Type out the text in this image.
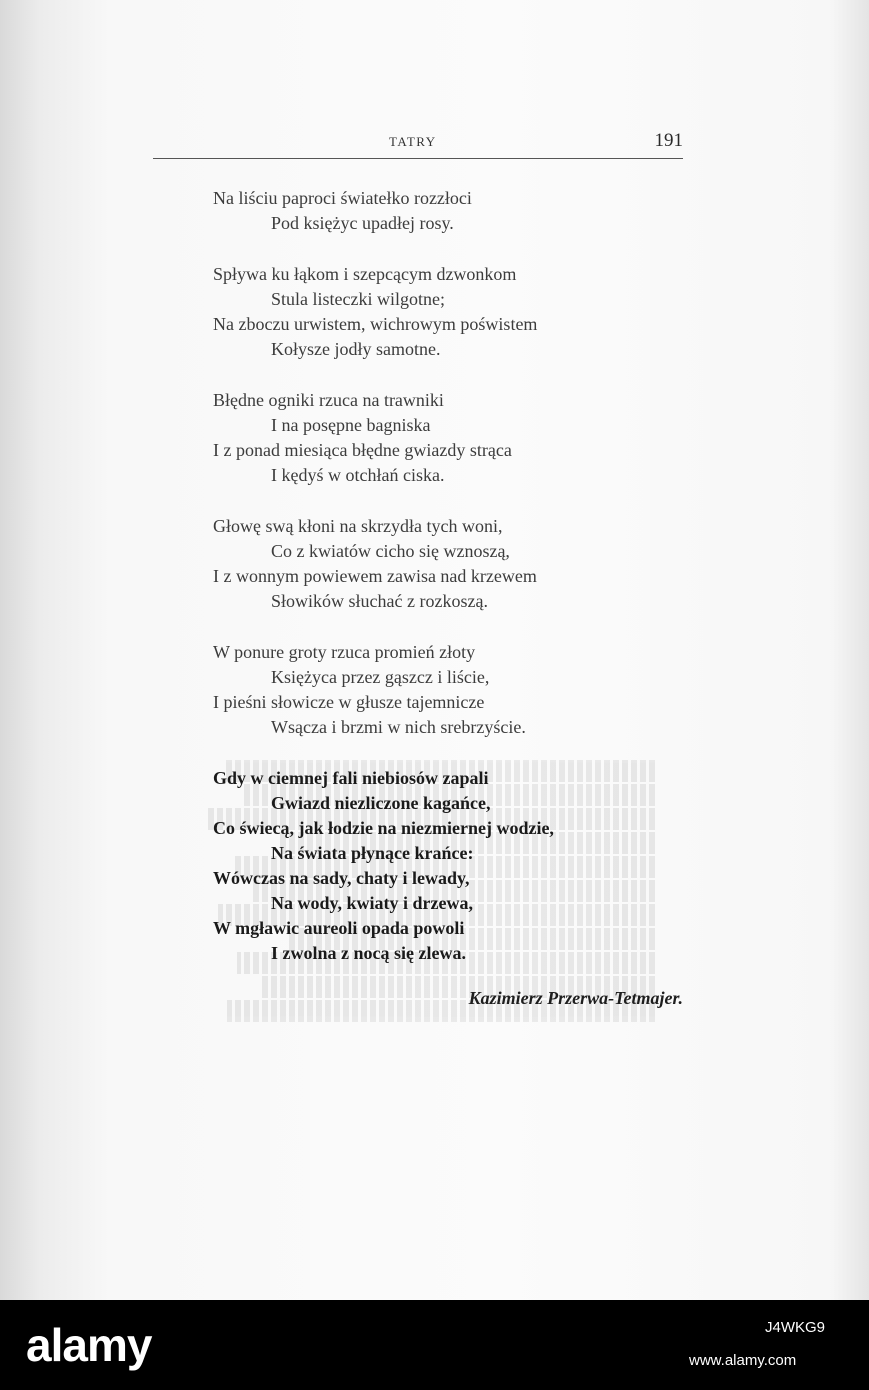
TATRY	191
Na liściu paproci światełko rozzłoci
Pod księżyc upadłej rosy.
Spływa ku łąkom i szepcącym dzwonkom
Stula listeczki wilgotne;
Na zboczu urwistem, wichrowym poświstem
Kołysze jodły samotne.
Błędne ogniki rzuca na trawniki
I na posępne bagniska
I z ponad miesiąca błędne gwiazdy strąca
I kędyś w otchłań ciska.
Głowę swą kłoni na skrzydła tych woni,
Co z kwiatów cicho się wznoszą,
I z wonnym powiewem zawisa nad krzewem
Słowików słuchać z rozkoszą.
W ponure groty rzuca promień złoty
Księżyca przez gąszcz i liście,
I pieśni słowicze w głusze tajemnicze
Wsącza i brzmi w nich srebrzyście.
Gdy w ciemnej fali niebiosów zapali
Gwiazd niezliczone kagańce,
Co świecą, jak łodzie na niezmiernej wodzie,
Na świata płynące krańce:
Wówczas na sady, chaty i lewady,
Na wody, kwiaty i drzewa,
W mgławic aureoli opada powoli
I zwolna z nocą się zlewa.
Kazimierz Przerwa-Tetmajer.
alamy	J4WKG9
www.alamy.com
